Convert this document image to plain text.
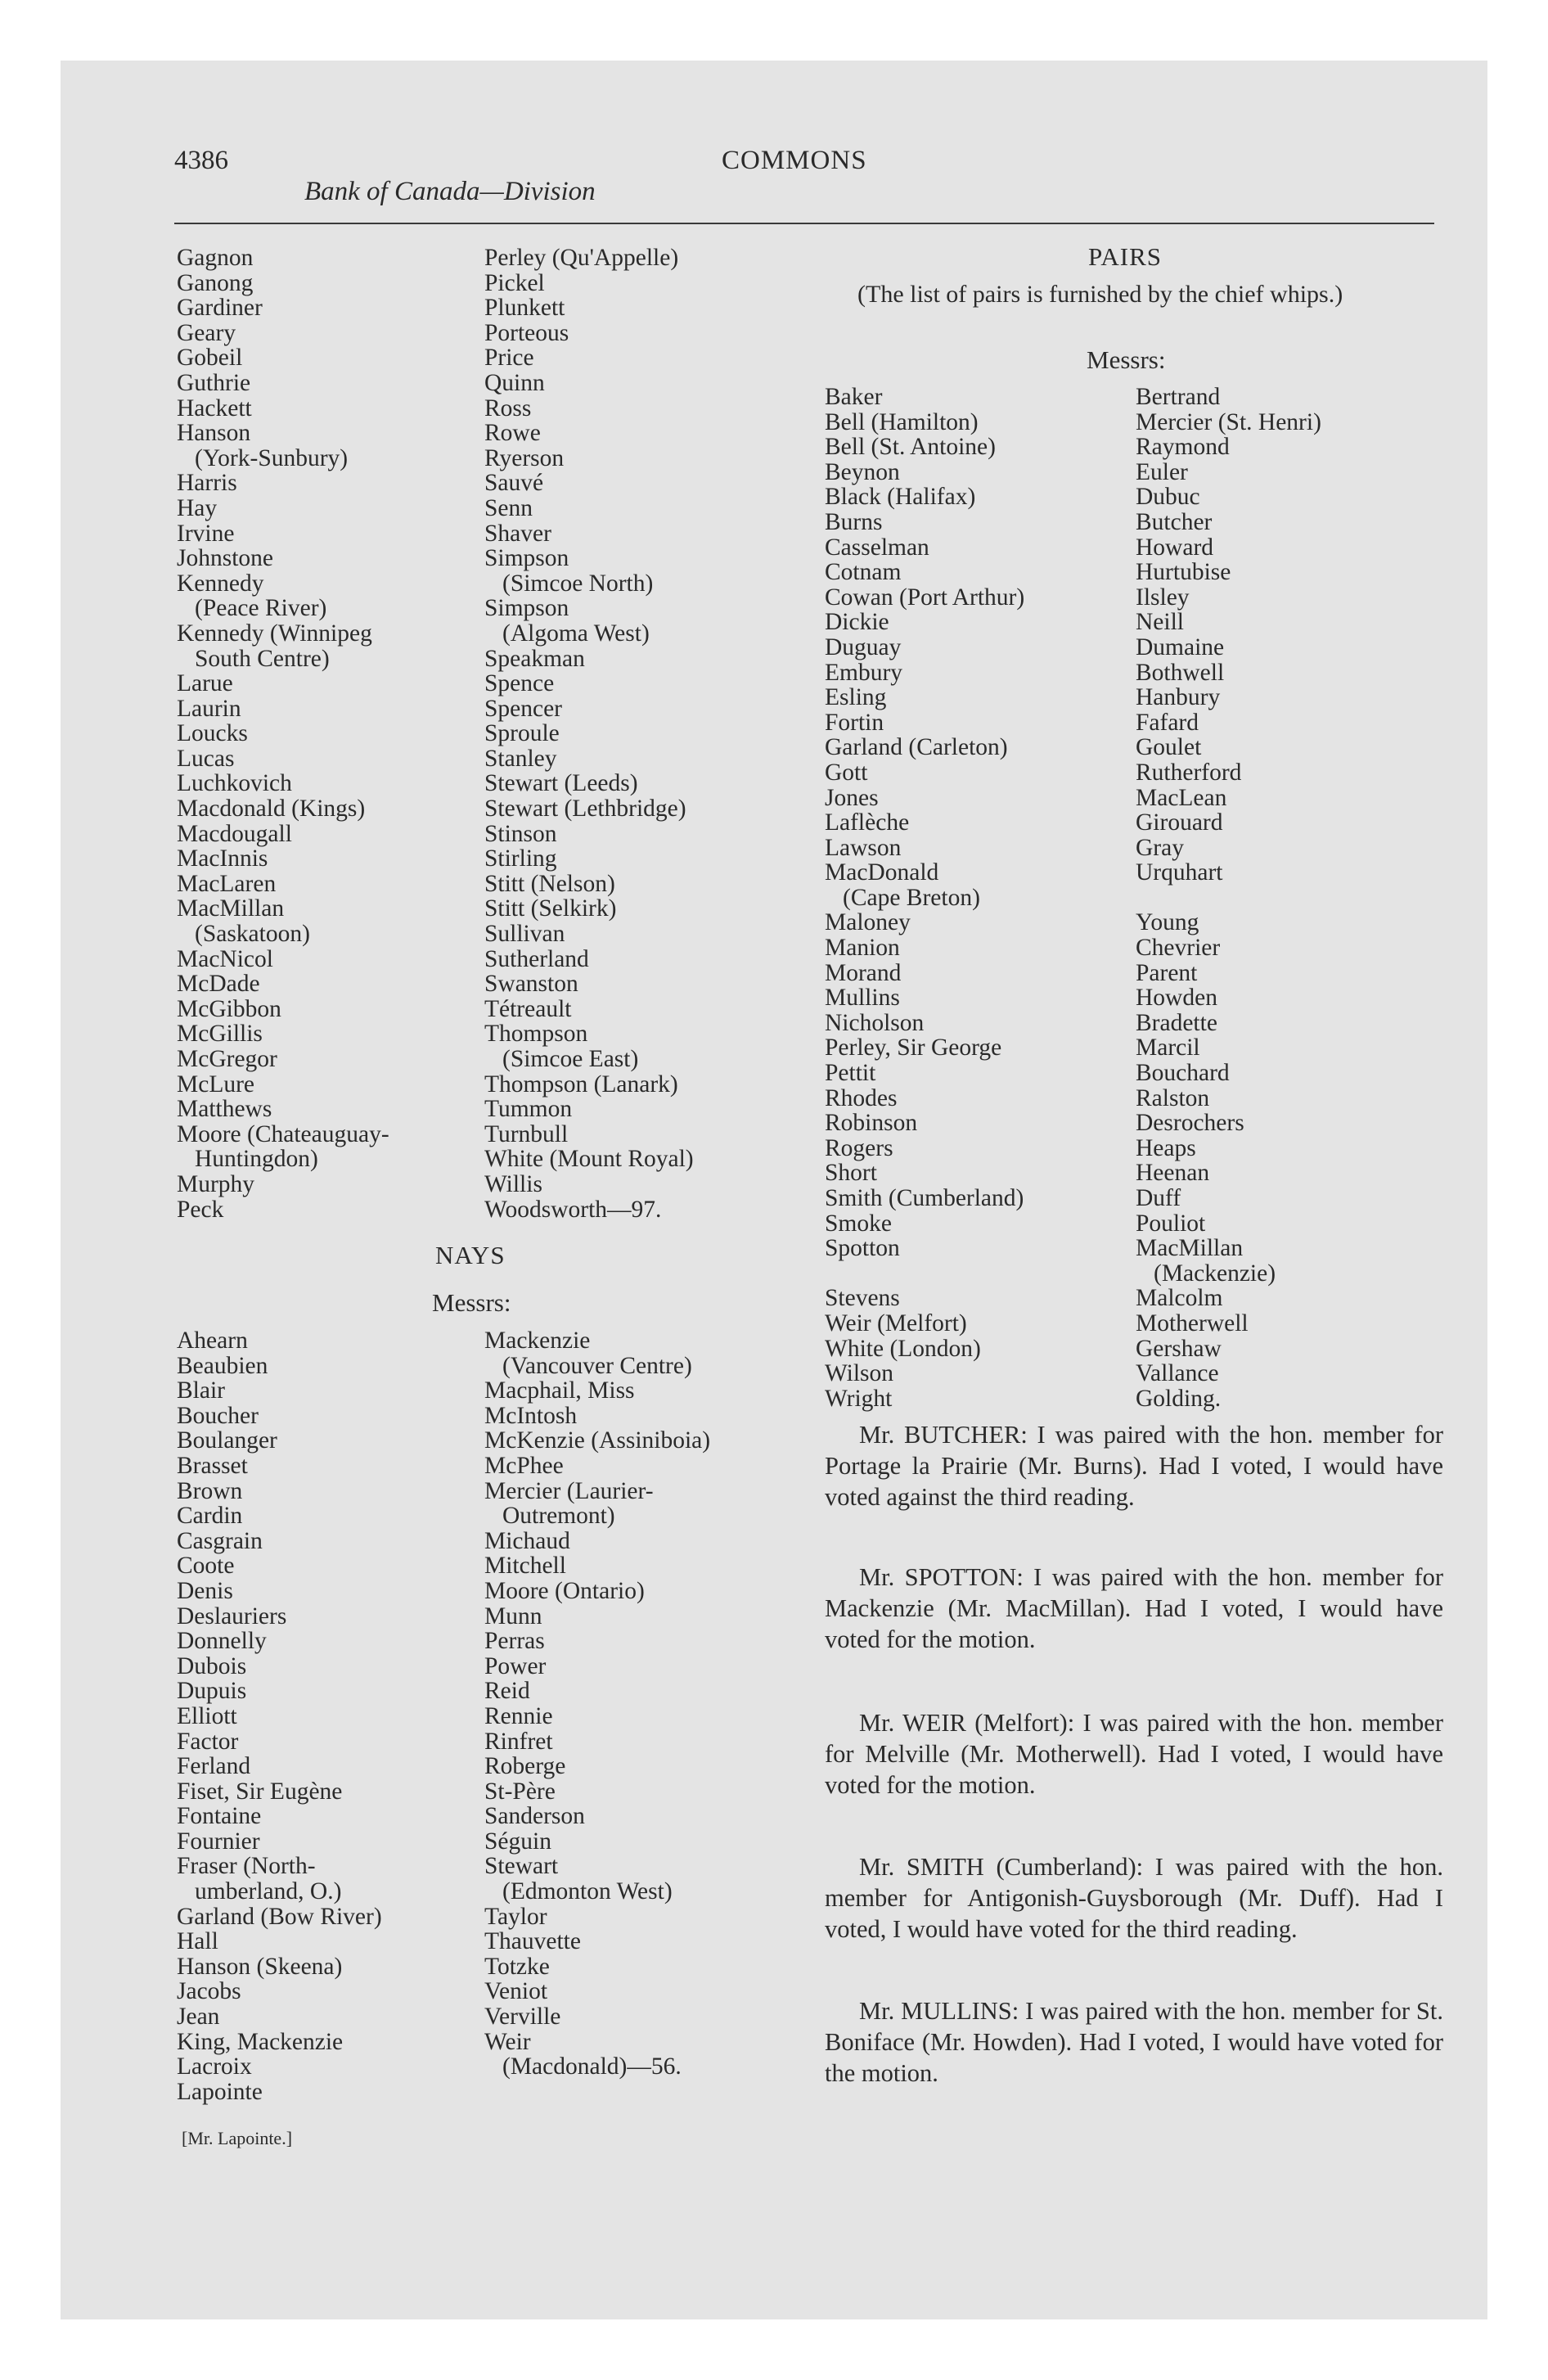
4386
Bank of Canada—Division
COMMONS
Gagnon
Ganong
Gardiner
Geary
Gobeil
Guthrie
Hackett
Hanson
(York-Sunbury)
Harris
Hay
Irvine
Johnstone
Kennedy
(Peace River)
Kennedy (Winnipeg
South Centre)
Larue
Laurin
Loucks
Lucas
Luchkovich
Macdonald (Kings)
Macdougall
MacInnis
MacLaren
MacMillan
(Saskatoon)
MacNicol
McDade
McGibbon
McGillis
McGregor
McLure
Matthews
Moore (Chateauguay-
Huntingdon)
Murphy
Peck
Perley (Qu'Appelle)
Pickel
Plunkett
Porteous
Price
Quinn
Ross
Rowe
Ryerson
Sauvé
Senn
Shaver
Simpson
(Simcoe North)
Simpson
(Algoma West)
Speakman
Spence
Spencer
Sproule
Stanley
Stewart (Leeds)
Stewart (Lethbridge)
Stinson
Stirling
Stitt (Nelson)
Stitt (Selkirk)
Sullivan
Sutherland
Swanston
Tétreault
Thompson
(Simcoe East)
Thompson (Lanark)
Tummon
Turnbull
White (Mount Royal)
Willis
Woodsworth—97.
NAYS
Messrs:
Ahearn
Beaubien
Blair
Boucher
Boulanger
Brasset
Brown
Cardin
Casgrain
Coote
Denis
Deslauriers
Donnelly
Dubois
Dupuis
Elliott
Factor
Ferland
Fiset, Sir Eugène
Fontaine
Fournier
Fraser (North-
umberland, O.)
Garland (Bow River)
Hall
Hanson (Skeena)
Jacobs
Jean
King, Mackenzie
Lacroix
Lapointe
Mackenzie
(Vancouver Centre)
Macphail, Miss
McIntosh
McKenzie (Assiniboia)
McPhee
Mercier (Laurier-
Outremont)
Michaud
Mitchell
Moore (Ontario)
Munn
Perras
Power
Reid
Rennie
Rinfret
Roberge
St-Père
Sanderson
Séguin
Stewart
(Edmonton West)
Taylor
Thauvette
Totzke
Veniot
Verville
Weir
(Macdonald)—56.
PAIRS
(The list of pairs is furnished by the chief whips.)
Messrs:
Baker
Bell (Hamilton)
Bell (St. Antoine)
Beynon
Black (Halifax)
Burns
Casselman
Cotnam
Cowan (Port Arthur)
Dickie
Duguay
Embury
Esling
Fortin
Garland (Carleton)
Gott
Jones
Laflèche
Lawson
MacDonald
(Cape Breton)
Maloney
Manion
Morand
Mullins
Nicholson
Perley, Sir George
Pettit
Rhodes
Robinson
Rogers
Short
Smith (Cumberland)
Smoke
Spotton

Stevens
Weir (Melfort)
White (London)
Wilson
Wright
Bertrand
Mercier (St. Henri)
Raymond
Euler
Dubuc
Butcher
Howard
Hurtubise
Ilsley
Neill
Dumaine
Bothwell
Hanbury
Fafard
Goulet
Rutherford
MacLean
Girouard
Gray
Urquhart

Young
Chevrier
Parent
Howden
Bradette
Marcil
Bouchard
Ralston
Desrochers
Heaps
Heenan
Duff
Pouliot
MacMillan
(Mackenzie)
Malcolm
Motherwell
Gershaw
Vallance
Golding.

Mr. BUTCHER: I was paired with the hon. member for Portage la Prairie (Mr. Burns). Had I voted, I would have voted against the third reading.

Mr. SPOTTON: I was paired with the hon. member for Mackenzie (Mr. MacMillan). Had I voted, I would have voted for the motion.

Mr. WEIR (Melfort): I was paired with the hon. member for Melville (Mr. Motherwell). Had I voted, I would have voted for the motion.

Mr. SMITH (Cumberland): I was paired with the hon. member for Antigonish-Guysborough (Mr. Duff). Had I voted, I would have voted for the third reading.

Mr. MULLINS: I was paired with the hon. member for St. Boniface (Mr. Howden). Had I voted, I would have voted for the motion.

[Mr. Lapointe.]
